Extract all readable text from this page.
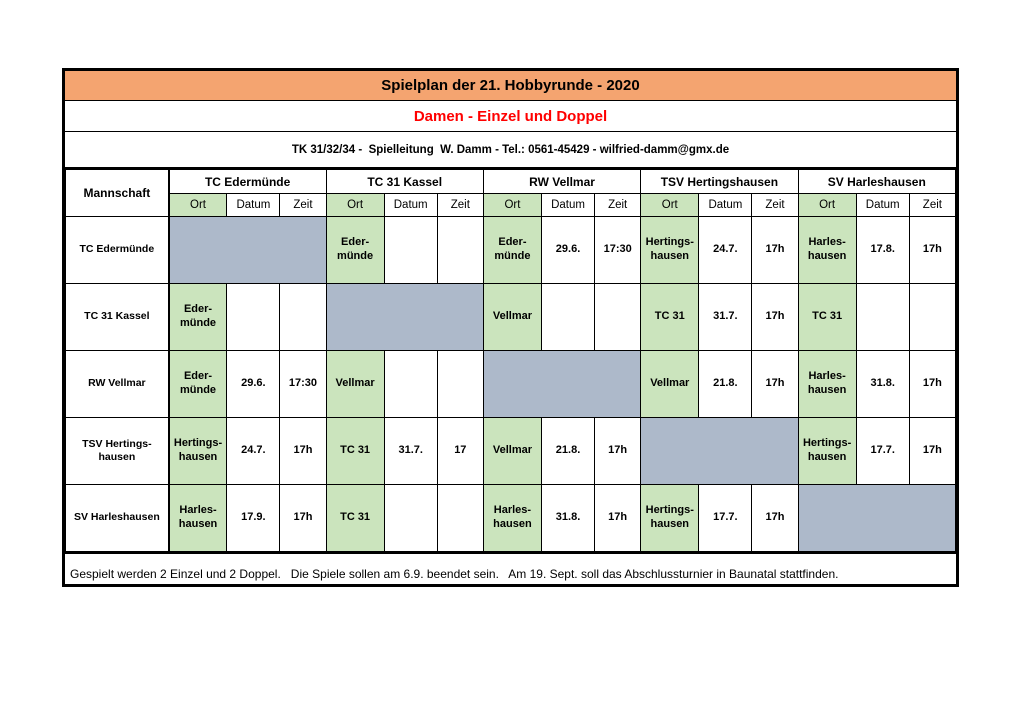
Spielplan der 21. Hobbyrunde - 2020
Damen - Einzel und Doppel
TK 31/32/34 -  Spielleitung  W. Damm - Tel.: 0561-45429 - wilfried-damm@gmx.de
Mannschaft	TC Edermünde			TC 31 Kassel			RW Vellmar			TSV Hertingshausen			SV Harleshausen		
	Ort	Datum	Zeit	Ort	Datum	Zeit	Ort	Datum	Zeit	Ort	Datum	Zeit	Ort	Datum	Zeit
TC Edermünde				Eder-münde			Eder-münde	29.6.	17:30	Hertings-hausen	24.7.	17h	Harles-hausen	17.8.	17h
TC 31 Kassel	Eder-münde						Vellmar			TC 31	31.7.	17h	TC 31		
RW Vellmar	Eder-münde	29.6.	17:30	Vellmar						Vellmar	21.8.	17h	Harles-hausen	31.8.	17h
TSV Hertings-hausen	Hertings-hausen	24.7.	17h	TC 31	31.7.	17	Vellmar	21.8.	17h				Hertings-hausen	17.7.	17h
SV Harleshausen	Harles-hausen	17.9.	17h	TC 31			Harles-hausen	31.8.	17h	Hertings-hausen	17.7.	17h			
Gespielt werden 2 Einzel und 2 Doppel.   Die Spiele sollen am 6.9. beendet sein.   Am 19. Sept. soll das Abschlussturnier in Baunatal stattfinden.
